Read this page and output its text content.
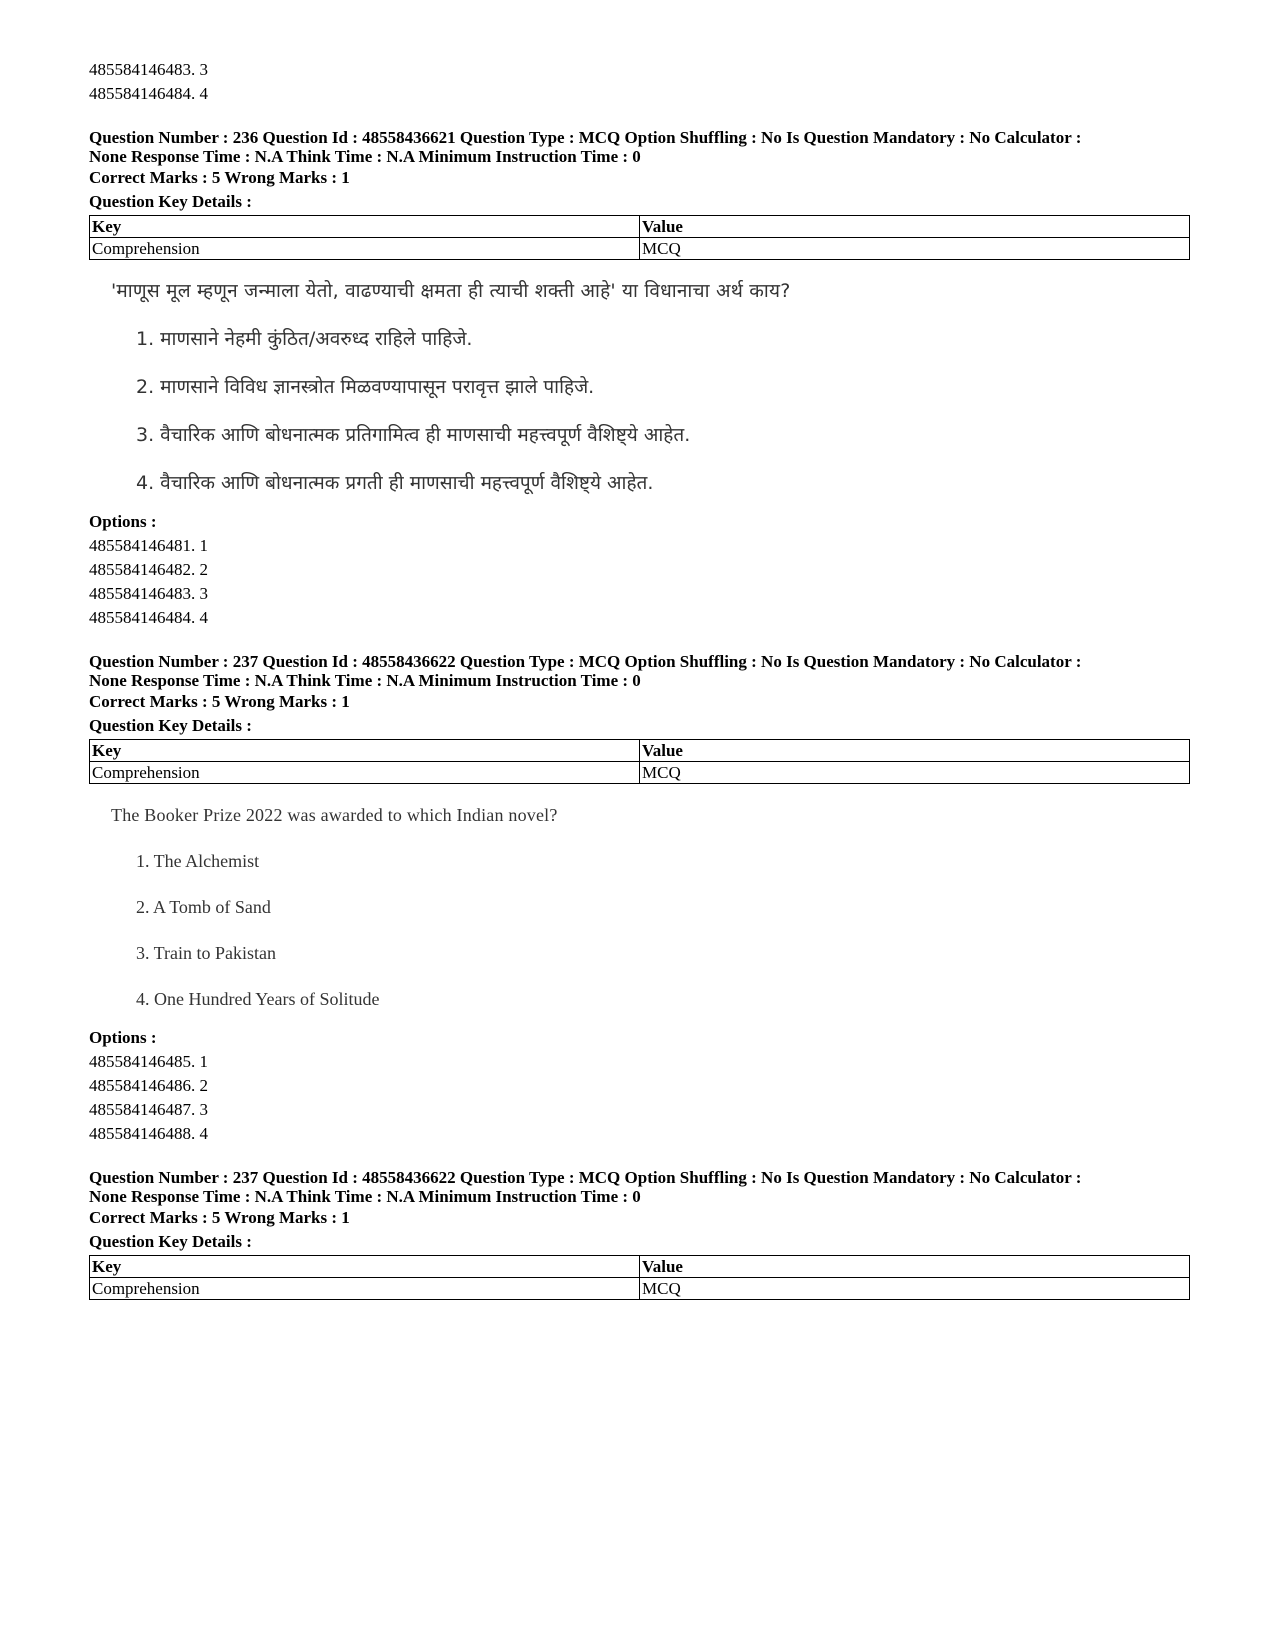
485584146483. 3
485584146484. 4
Question Number : 236 Question Id : 48558436621 Question Type : MCQ Option Shuffling : No Is Question Mandatory : No Calculator :
None Response Time : N.A Think Time : N.A Minimum Instruction Time : 0
Correct Marks : 5 Wrong Marks : 1
Question Key Details :
Key	Value
Comprehension	MCQ
'माणूस मूल म्हणून जन्माला येतो, वाढण्याची क्षमता ही त्याची शक्ती आहे' या विधानाचा अर्थ काय?
1. माणसाने नेहमी कुंठित/अवरुध्द राहिले पाहिजे.
2. माणसाने विविध ज्ञानस्त्रोत मिळवण्यापासून परावृत्त झाले पाहिजे.
3. वैचारिक आणि बोधनात्मक प्रतिगामित्व ही माणसाची महत्त्वपूर्ण वैशिष्ट्ये आहेत.
4. वैचारिक आणि बोधनात्मक प्रगती ही माणसाची महत्त्वपूर्ण वैशिष्ट्ये आहेत.
Options :
485584146481. 1
485584146482. 2
485584146483. 3
485584146484. 4
Question Number : 237 Question Id : 48558436622 Question Type : MCQ Option Shuffling : No Is Question Mandatory : No Calculator :
None Response Time : N.A Think Time : N.A Minimum Instruction Time : 0
Correct Marks : 5 Wrong Marks : 1
Question Key Details :
Key	Value
Comprehension	MCQ
The Booker Prize 2022 was awarded to which Indian novel?
1. The Alchemist
2. A Tomb of Sand
3. Train to Pakistan
4. One Hundred Years of Solitude
Options :
485584146485. 1
485584146486. 2
485584146487. 3
485584146488. 4
Question Number : 237 Question Id : 48558436622 Question Type : MCQ Option Shuffling : No Is Question Mandatory : No Calculator :
None Response Time : N.A Think Time : N.A Minimum Instruction Time : 0
Correct Marks : 5 Wrong Marks : 1
Question Key Details :
Key	Value
Comprehension	MCQ
